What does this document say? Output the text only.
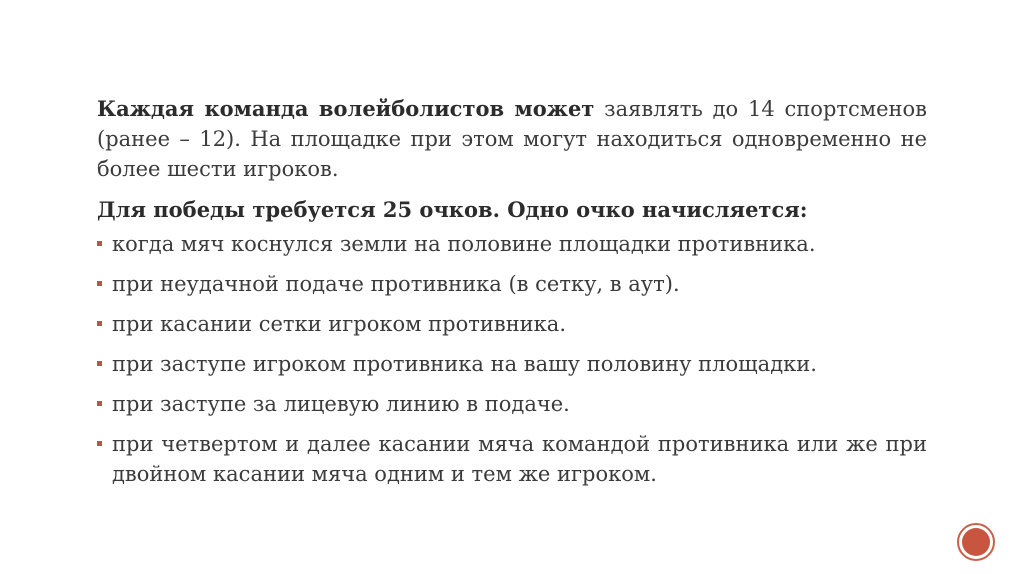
Каждая команда волейболистов может заявлять до 14 спортсменов (ранее – 12). На площадке при этом могут находиться одновременно не более шести игроков.

Для победы требуется 25 очков. Одно очко начисляется:

когда мяч коснулся земли на половине площадки противника.
при неудачной подаче противника (в сетку, в аут).
при касании сетки игроком противника.
при заступе игроком противника на вашу половину площадки.
при заступе за лицевую линию в подаче.
при четвертом и далее касании мяча командой противника или же при двойном касании мяча одним и тем же игроком.
